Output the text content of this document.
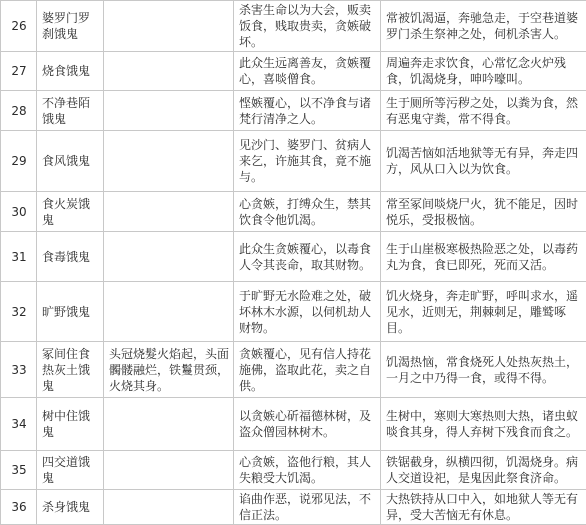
26	婆罗门罗刹饿鬼		杀害生命以为大会，贩卖饭食，贱取贵卖，贪嫉破坏。	常被饥渴逼，奔驰急走，于空巷道婆罗门杀生祭神之处，伺机杀害人。
27	烧食饿鬼		此众生远离善友，贪嫉覆心，喜啖僧食。	周遍奔走求饮食，心常忆念火炉残食，饥渴烧身，呻吟嚎叫。
28	不净巷陌饿鬼		悭嫉覆心，以不净食与诸梵行清净之人。	生于厕所等污秽之处，以粪为食，然有恶鬼守粪，常不得食。
29	食风饿鬼		见沙门、婆罗门、贫病人来乞，许施其食，竟不施与。	饥渴苦恼如活地狱等无有异，奔走四方，风从口入以为饮食。
30	食火炭饿鬼		心贪嫉，打缚众生，禁其饮食令他饥渴。	常至冢间啖烧尸火，犹不能足，因时悦乐，受报极恼。
31	食毒饿鬼		此众生贪嫉覆心，以毒食人令其丧命，取其财物。	生于山崖极寒极热险恶之处，以毒药丸为食，食已即死，死而又活。
32	旷野饿鬼		于旷野无水险难之处，破坏林木水源，以伺机劫人财物。	饥火烧身，奔走旷野，呼叫求水，遥见水，近则无，荆棘刺足，雕鹫啄目。
33	冢间住食热灰土饿鬼	头冠烧髮火焰起，头面髑髅融烂，铁鬘贯颈，火烧其身。	贪嫉覆心，见有信人持花施佛，盗取此花，卖之自供。	饥渴热恼，常食烧死人处热灰热土，一月之中乃得一食，或得不得。
34	树中住饿鬼		以贪嫉心斫福德林树，及盗众僧园林树木。	生树中，寒则大寒热则大热，诸虫蚁啖食其身，得人弃树下残食而食之。
35	四交道饿鬼		心贪嫉，盗他行粮，其人失粮受大饥渴。	铁锯截身，纵横四彻，饥渴烧身。病人交道设祀，是鬼因此祭食济命。
36	杀身饿鬼		谄曲作恶，说邪见法，不信正法。	大热铁持从口中入，如地狱人等无有异，受大苦恼无有休息。
